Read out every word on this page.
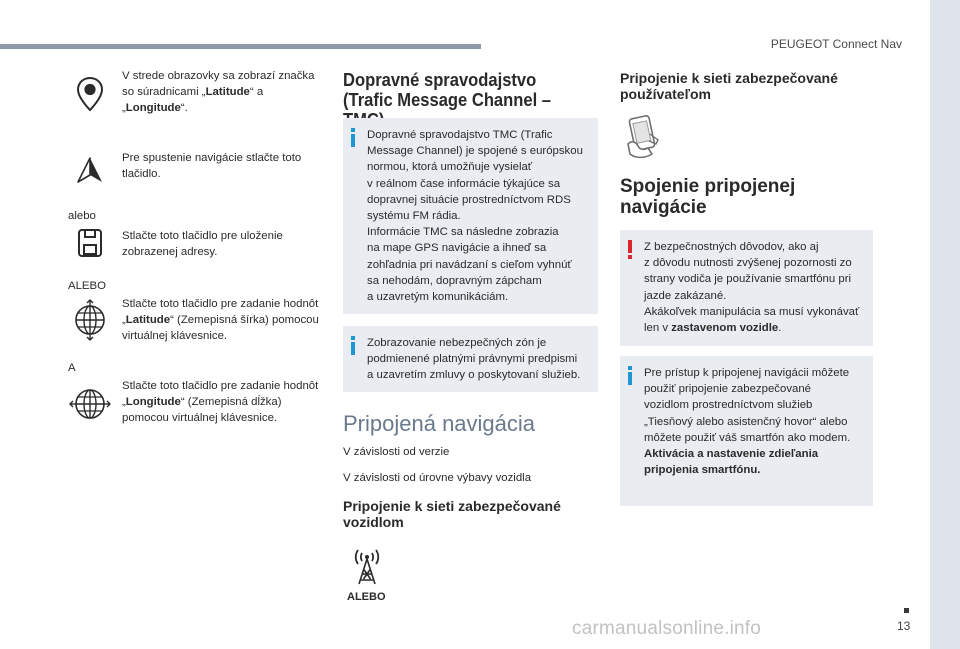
PEUGEOT Connect Nav
V strede obrazovky sa zobrazí značka so súradnicami „Latitude“ a „Longitude“.
Pre spustenie navigácie stlačte toto tlačidlo.
alebo
Stlačte toto tlačidlo pre uloženie zobrazenej adresy.
ALEBO
Stlačte toto tlačidlo pre zadanie hodnôt „Latitude“ (Zemepisná šírka) pomocou virtuálnej klávesnice.
A
Stlačte toto tlačidlo pre zadanie hodnôt „Longitude“ (Zemepisná dĺžka) pomocou virtuálnej klávesnice.
Dopravné spravodajstvo (Trafic Message Channel –
Dopravné spravodajstvo TMC (Trafic
Message Channel) je spojené s európskou
normou, ktorá umožňuje vysielať
v reálnom čase informácie týkajúce sa
dopravnej situácie prostredníctvom RDS
systému FM rádia.
Informácie TMC sa následne zobrazia
na mape GPS navigácie a ihneď sa
zohľadnia pri navádzaní s cieľom vyhnúť
sa nehodám, dopravným zápcham
a uzavretým komunikáciám.
Zobrazovanie nebezpečných zón je
podmienené platnými právnymi predpismi
a uzavretím zmluvy o poskytovaní služieb.
Pripojená navigácia
V závislosti od verzie
V závislosti od úrovne výbavy vozidla
Pripojenie k sieti zabezpečované vozidlom
ALEBO
Pripojenie k sieti zabezpečované používateľom
Spojenie pripojenej navigácie
Z bezpečnostných dôvodov, ako aj
z dôvodu nutnosti zvýšenej pozornosti zo
strany vodiča je používanie smartfónu pri
jazde zakázané.
Akákoľvek manipulácia sa musí vykonávať
len v zastavenom vozidle.
Pre prístup k pripojenej navigácii môžete
použiť pripojenie zabezpečované
vozidlom prostredníctvom služieb
„Tiesňový alebo asistenčný hovor“ alebo
môžete použiť váš smartfón ako modem.
Aktivácia a nastavenie zdieľania
pripojenia smartfónu.
13
carmanualsonline.info
